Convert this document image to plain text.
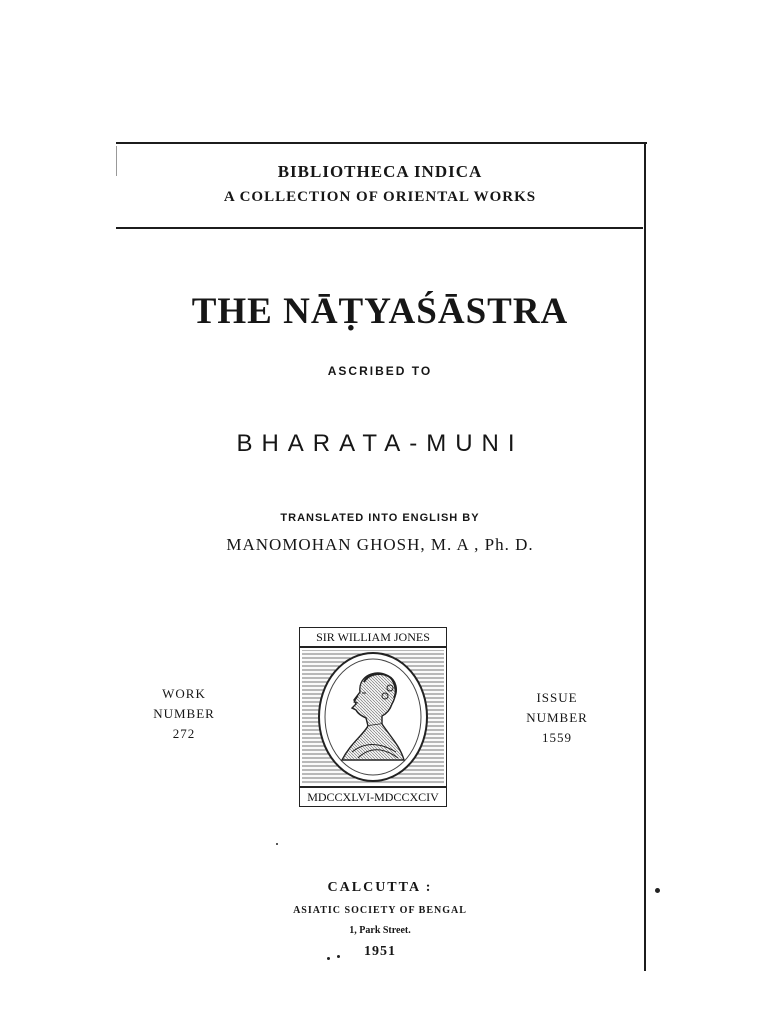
BIBLIOTHECA INDICA
A COLLECTION OF ORIENTAL WORKS
THE NĀṬYAŚĀSTRA
ASCRIBED TO
BHARATA-MUNI
TRANSLATED INTO ENGLISH BY
MANOMOHAN GHOSH, M. A , Ph. D.
WORK
NUMBER
272
ISSUE
NUMBER
1559
SIR WILLIAM JONES
MDCCXLVI-MDCCXCIV
CALCUTTA :
ASIATIC SOCIETY OF BENGAL
1, Park Street.
1951
